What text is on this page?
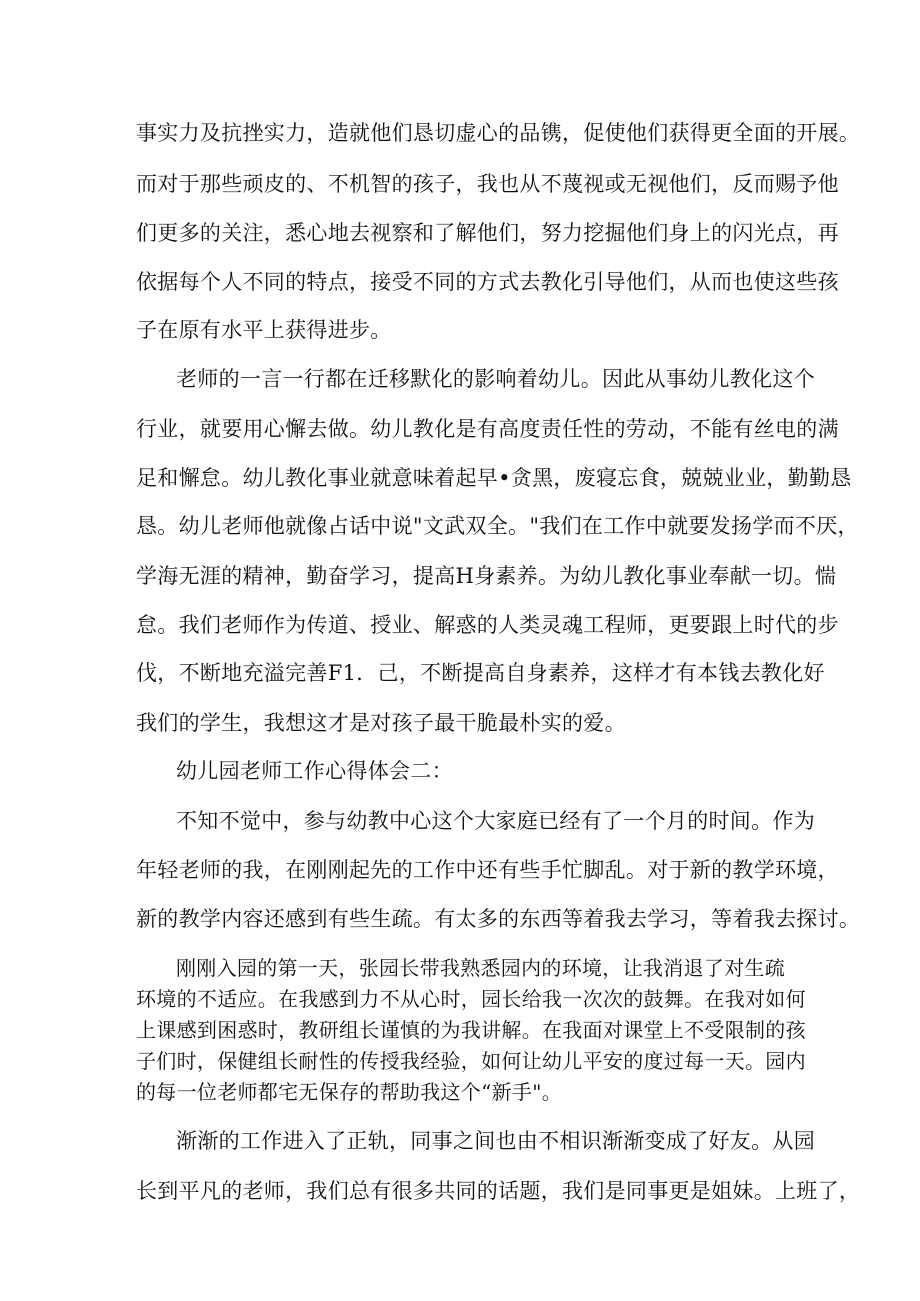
事实力及抗挫实力，造就他们恳切虚心的品镌，促使他们获得更全面的开展。
而对于那些顽皮的、不机智的孩子，我也从不蔑视或无视他们，反而赐予他
们更多的关注，悉心地去视察和了解他们，努力挖掘他们身上的闪光点，再
依据每个人不同的特点，接受不同的方式去教化引导他们，从而也使这些孩
子在原有水平上获得进步。
老师的一言一行都在迁移默化的影响着幼儿。因此从事幼儿教化这个
行业，就要用心懈去做。幼儿教化是有高度责任性的劳动，不能有丝电的满
足和懈怠。幼儿教化事业就意味着起早•贪黑，废寝忘食，兢兢业业，勤勤恳
恳。幼儿老师他就像占话中说"文武双全。"我们在工作中就要发扬学而不厌，
学海无涯的精神，勤奋学习，提高H身素养。为幼儿教化事业奉献一切。惴
怠。我们老师作为传道、授业、解惑的人类灵魂工程师，更要跟上时代的步
伐，不断地充溢完善F1．己，不断提高自身素养，这样才有本钱去教化好
我们的学生，我想这才是对孩子最干脆最朴实的爱。
幼儿园老师工作心得体会二：
不知不觉中，参与幼教中心这个大家庭已经有了一个月的时间。作为
年轻老师的我，在刚刚起先的工作中还有些手忙脚乱。对于新的教学环境，
新的教学内容还感到有些生疏。有太多的东西等着我去学习，等着我去探讨。
刚刚入园的第一天，张园长带我熟悉园内的环境，让我消退了对生疏
环境的不适应。在我感到力不从心时，园长给我一次次的鼓舞。在我对如何
上课感到困惑时，教研组长谨慎的为我讲解。在我面对课堂上不受限制的孩
子们时，保健组长耐性的传授我经验，如何让幼儿平安的度过每一天。园内
的每一位老师都宅无保存的帮助我这个“新手"。
渐渐的工作进入了正轨，同事之间也由不相识渐渐变成了好友。从园
长到平凡的老师，我们总有很多共同的话题，我们是同事更是姐妹。上班了，
